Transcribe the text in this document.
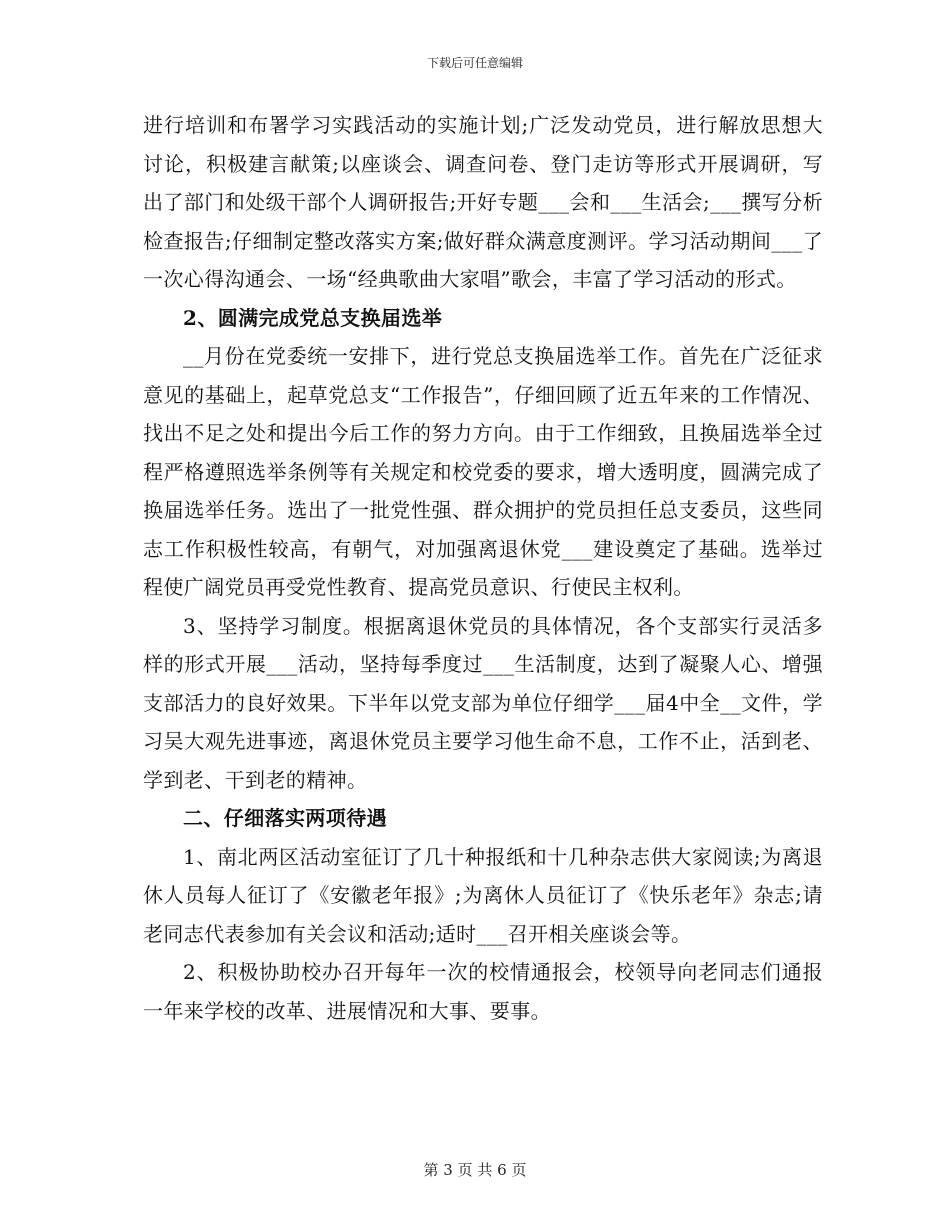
下载后可任意编辑

进行培训和布署学习实践活动的实施计划;广泛发动党员，进行解放思想大讨论，积极建言献策;以座谈会、调查问卷、登门走访等形式开展调研，写出了部门和处级干部个人调研报告;开好专题___会和___生活会;___撰写分析检查报告;仔细制定整改落实方案;做好群众满意度测评。学习活动期间___了一次心得沟通会、一场“经典歌曲大家唱”歌会，丰富了学习活动的形式。

2、圆满完成党总支换届选举

__月份在党委统一安排下，进行党总支换届选举工作。首先在广泛征求意见的基础上，起草党总支“工作报告”，仔细回顾了近五年来的工作情况、找出不足之处和提出今后工作的努力方向。由于工作细致，且换届选举全过程严格遵照选举条例等有关规定和校党委的要求，增大透明度，圆满完成了换届选举任务。选出了一批党性强、群众拥护的党员担任总支委员，这些同志工作积极性较高，有朝气，对加强离退休党___建设奠定了基础。选举过程使广阔党员再受党性教育、提高党员意识、行使民主权利。

3、坚持学习制度。根据离退休党员的具体情况，各个支部实行灵活多样的形式开展___活动，坚持每季度过___生活制度，达到了凝聚人心、增强支部活力的良好效果。下半年以党支部为单位仔细学___届4中全__文件，学习吴大观先进事迹，离退休党员主要学习他生命不息，工作不止，活到老、学到老、干到老的精神。

二、仔细落实两项待遇

1、南北两区活动室征订了几十种报纸和十几种杂志供大家阅读;为离退休人员每人征订了《安徽老年报》;为离休人员征订了《快乐老年》杂志;请老同志代表参加有关会议和活动;适时___召开相关座谈会等。

2、积极协助校办召开每年一次的校情通报会，校领导向老同志们通报一年来学校的改革、进展情况和大事、要事。

第 3 页 共 6 页
